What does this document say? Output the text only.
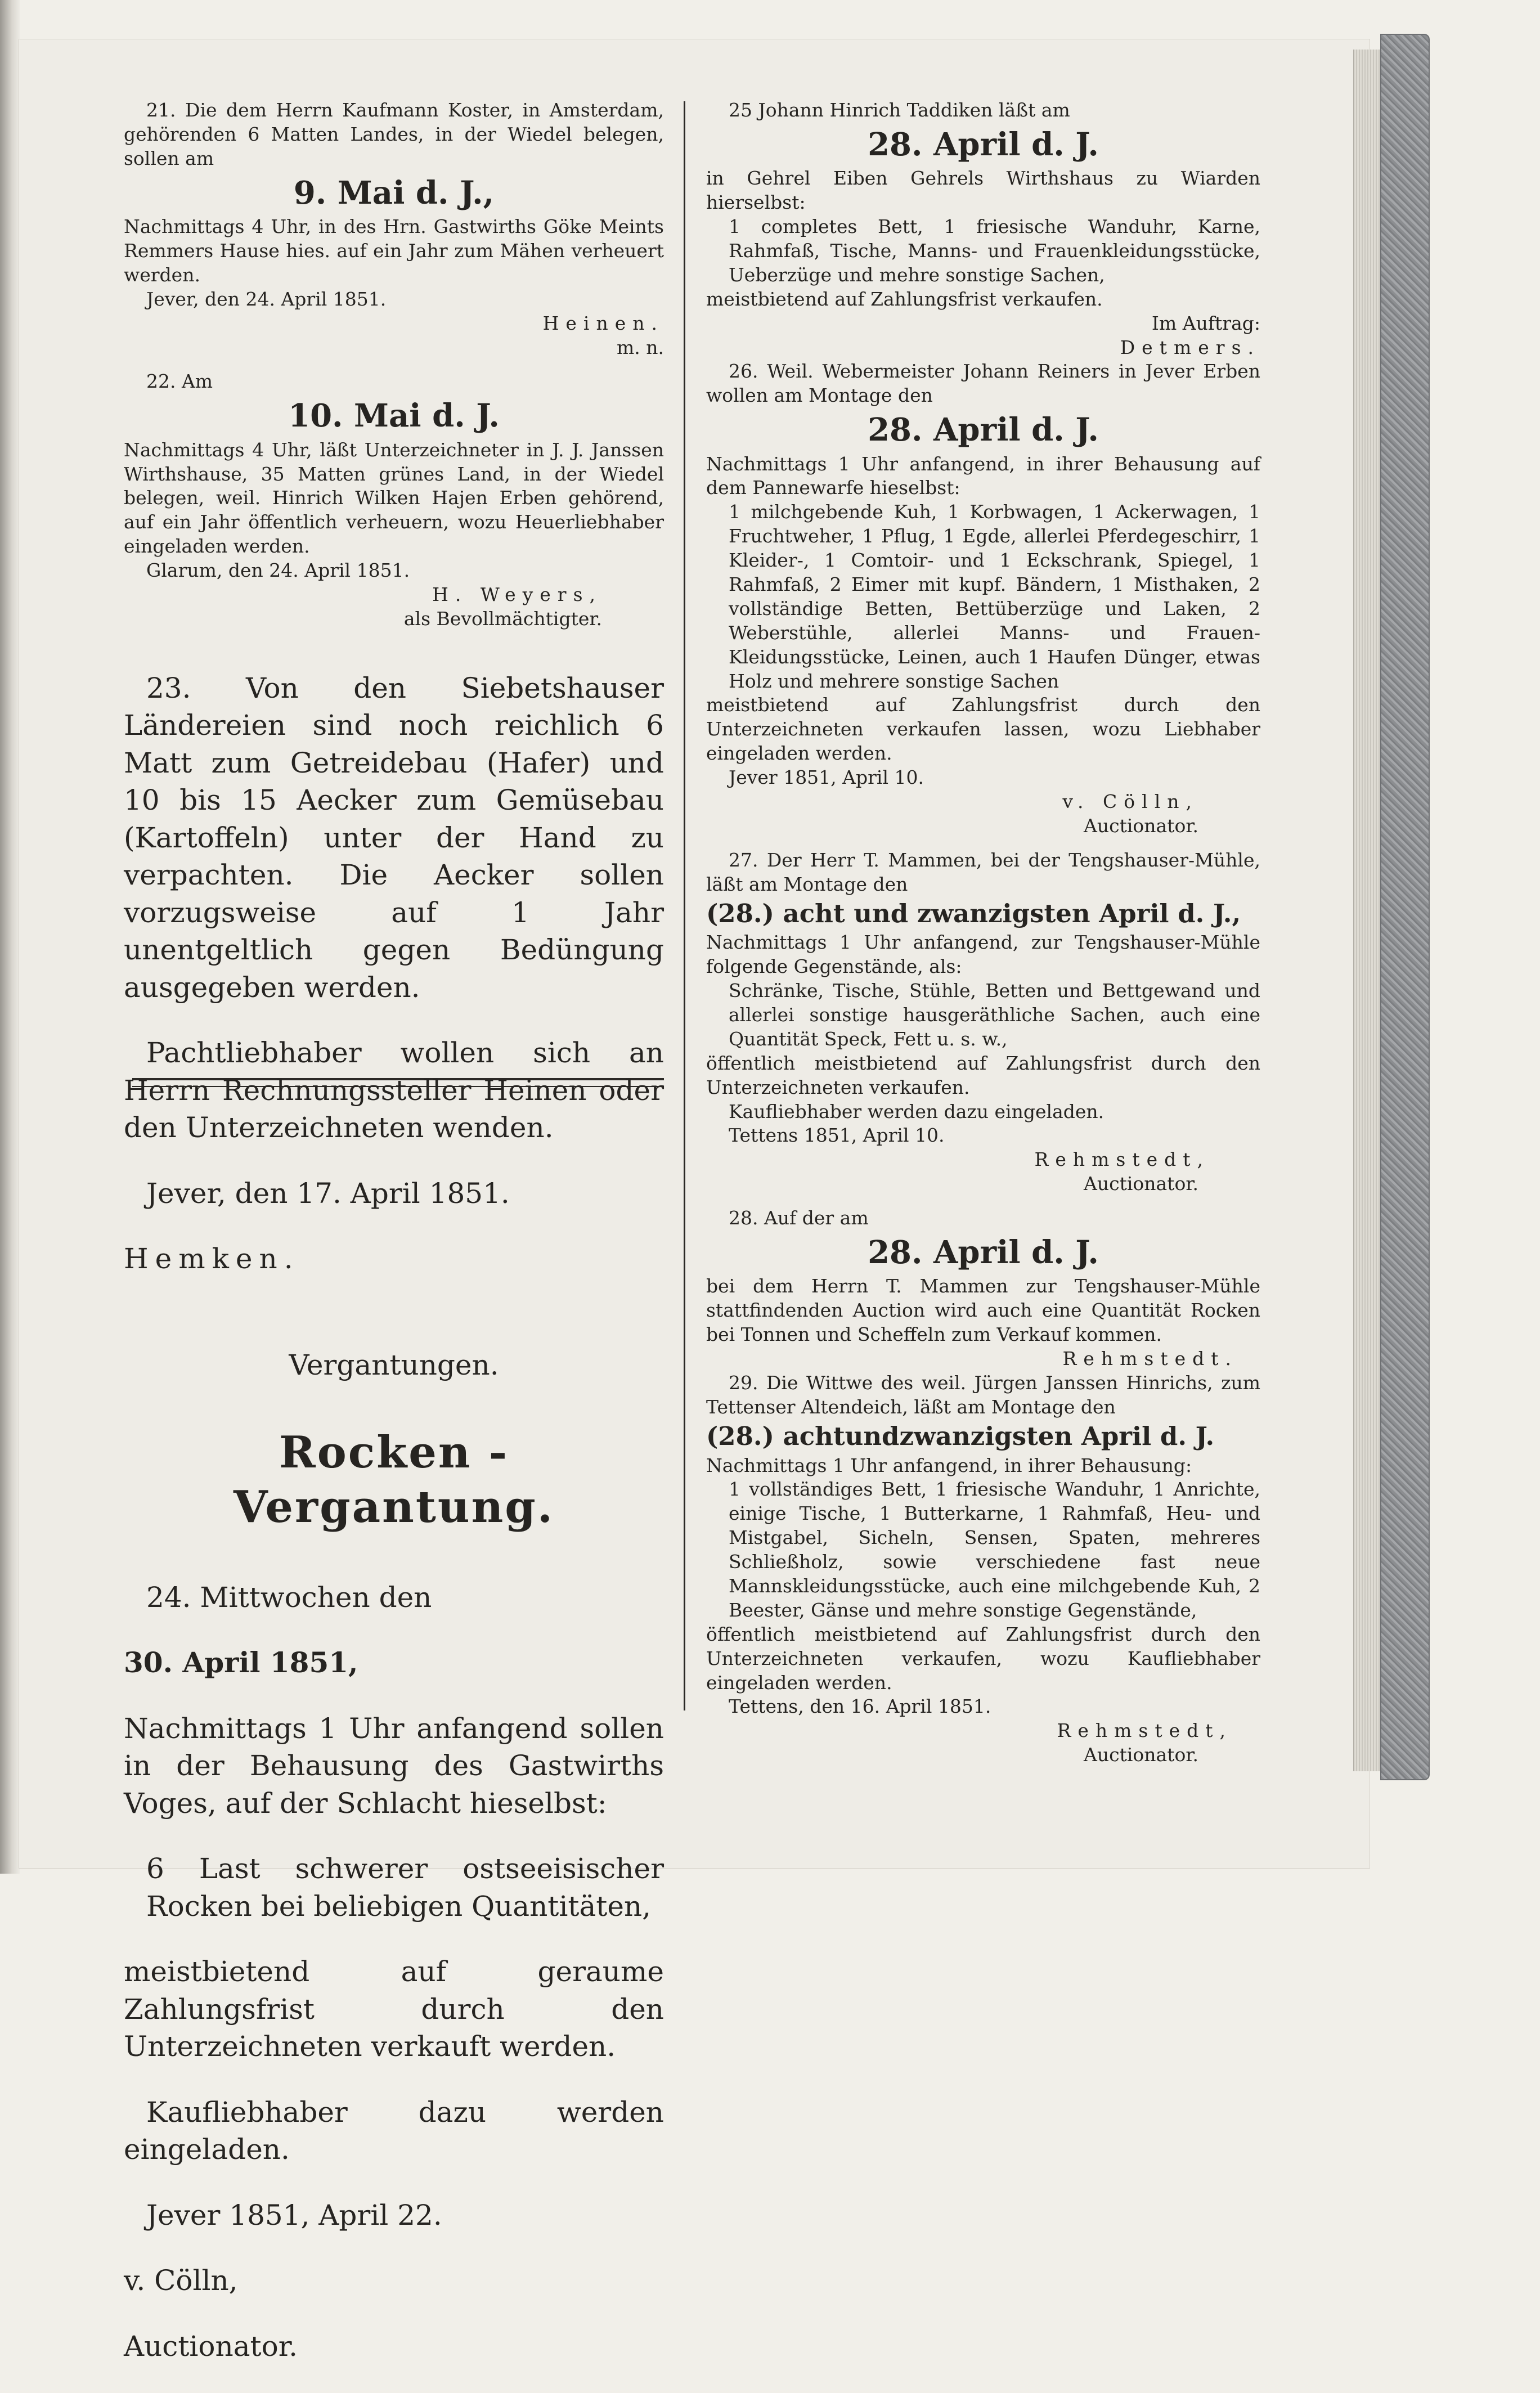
21. Die dem Herrn Kaufmann Koster, in Amsterdam, gehörenden 6 Matten Landes, in der Wiedel belegen, sollen am

9. Mai d. J.,

Nachmittags 4 Uhr, in des Hrn. Gastwirths Göke Meints Remmers Hause hies. auf ein Jahr zum Mähen verheuert werden.

Jever, den 24. April 1851.

Heinen.

m. n.

22. Am

10. Mai d. J.

Nachmittags 4 Uhr, läßt Unterzeichneter in J. J. Janssen Wirthshause, 35 Matten grünes Land, in der Wiedel belegen, weil. Hinrich Wilken Hajen Erben gehörend, auf ein Jahr öffentlich verheuern, wozu Heuerliebhaber eingeladen werden.

Glarum, den 24. April 1851.

H. Weyers,

als Bevollmächtigter.

23. Von den Siebetshauser Ländereien sind noch reichlich 6 Matt zum Getreidebau (Hafer) und 10 bis 15 Aecker zum Gemüsebau (Kartoffeln) unter der Hand zu verpachten. Die Aecker sollen vorzugsweise auf 1 Jahr unentgeltlich gegen Bedüngung ausgegeben werden.

Pachtliebhaber wollen sich an Herrn Rechnungssteller Heinen oder den Unterzeichneten wenden.

Jever, den 17. April 1851.

Hemken.

Vergantungen.

Rocken - Vergantung.

24. Mittwochen den

30. April 1851,

Nachmittags 1 Uhr anfangend sollen in der Behausung des Gastwirths Voges, auf der Schlacht hieselbst:

6 Last schwerer ostseeisischer Rocken bei beliebigen Quantitäten,

meistbietend auf geraume Zahlungsfrist durch den Unterzeichneten verkauft werden.

Kaufliebhaber dazu werden eingeladen.

Jever 1851, April 22.

v. Cölln,

Auctionator.

25 Johann Hinrich Taddiken läßt am

28. April d. J.

in Gehrel Eiben Gehrels Wirthshaus zu Wiarden hierselbst:

1 completes Bett, 1 friesische Wanduhr, Karne, Rahmfaß, Tische, Manns- und Frauenkleidungsstücke, Ueberzüge und mehre sonstige Sachen,

meistbietend auf Zahlungsfrist verkaufen.

Im Auftrag:

Detmers.

26. Weil. Webermeister Johann Reiners in Jever Erben wollen am Montage den

28. April d. J.

Nachmittags 1 Uhr anfangend, in ihrer Behausung auf dem Pannewarfe hieselbst:

1 milchgebende Kuh, 1 Korbwagen, 1 Ackerwagen, 1 Fruchtweher, 1 Pflug, 1 Egde, allerlei Pferdegeschirr, 1 Kleider-, 1 Comtoir- und 1 Eckschrank, Spiegel, 1 Rahmfaß, 2 Eimer mit kupf. Bändern, 1 Misthaken, 2 vollständige Betten, Bettüberzüge und Laken, 2 Weberstühle, allerlei Manns- und Frauen-Kleidungsstücke, Leinen, auch 1 Haufen Dünger, etwas Holz und mehrere sonstige Sachen

meistbietend auf Zahlungsfrist durch den Unterzeichneten verkaufen lassen, wozu Liebhaber eingeladen werden.

Jever 1851, April 10.

v. Cölln,

Auctionator.

27. Der Herr T. Mammen, bei der Tengshauser-Mühle, läßt am Montage den

(28.) acht und zwanzigsten April d. J.,

Nachmittags 1 Uhr anfangend, zur Tengshauser-Mühle folgende Gegenstände, als:

Schränke, Tische, Stühle, Betten und Bettgewand und allerlei sonstige hausgeräthliche Sachen, auch eine Quantität Speck, Fett u. s. w.,

öffentlich meistbietend auf Zahlungsfrist durch den Unterzeichneten verkaufen.

Kaufliebhaber werden dazu eingeladen.

Tettens 1851, April 10.

Rehmstedt,

Auctionator.

28. Auf der am

28. April d. J.

bei dem Herrn T. Mammen zur Tengshauser-Mühle stattfindenden Auction wird auch eine Quantität Rocken bei Tonnen und Scheffeln zum Verkauf kommen.

Rehmstedt.

29. Die Wittwe des weil. Jürgen Janssen Hinrichs, zum Tettenser Altendeich, läßt am Montage den

(28.) achtundzwanzigsten April d. J.

Nachmittags 1 Uhr anfangend, in ihrer Behausung:

1 vollständiges Bett, 1 friesische Wanduhr, 1 Anrichte, einige Tische, 1 Butterkarne, 1 Rahmfaß, Heu- und Mistgabel, Sicheln, Sensen, Spaten, mehreres Schließholz, sowie verschiedene fast neue Mannskleidungsstücke, auch eine milchgebende Kuh, 2 Beester, Gänse und mehre sonstige Gegenstände,

öffentlich meistbietend auf Zahlungsfrist durch den Unterzeichneten verkaufen, wozu Kaufliebhaber eingeladen werden.

Tettens, den 16. April 1851.

Rehmstedt,

Auctionator.
